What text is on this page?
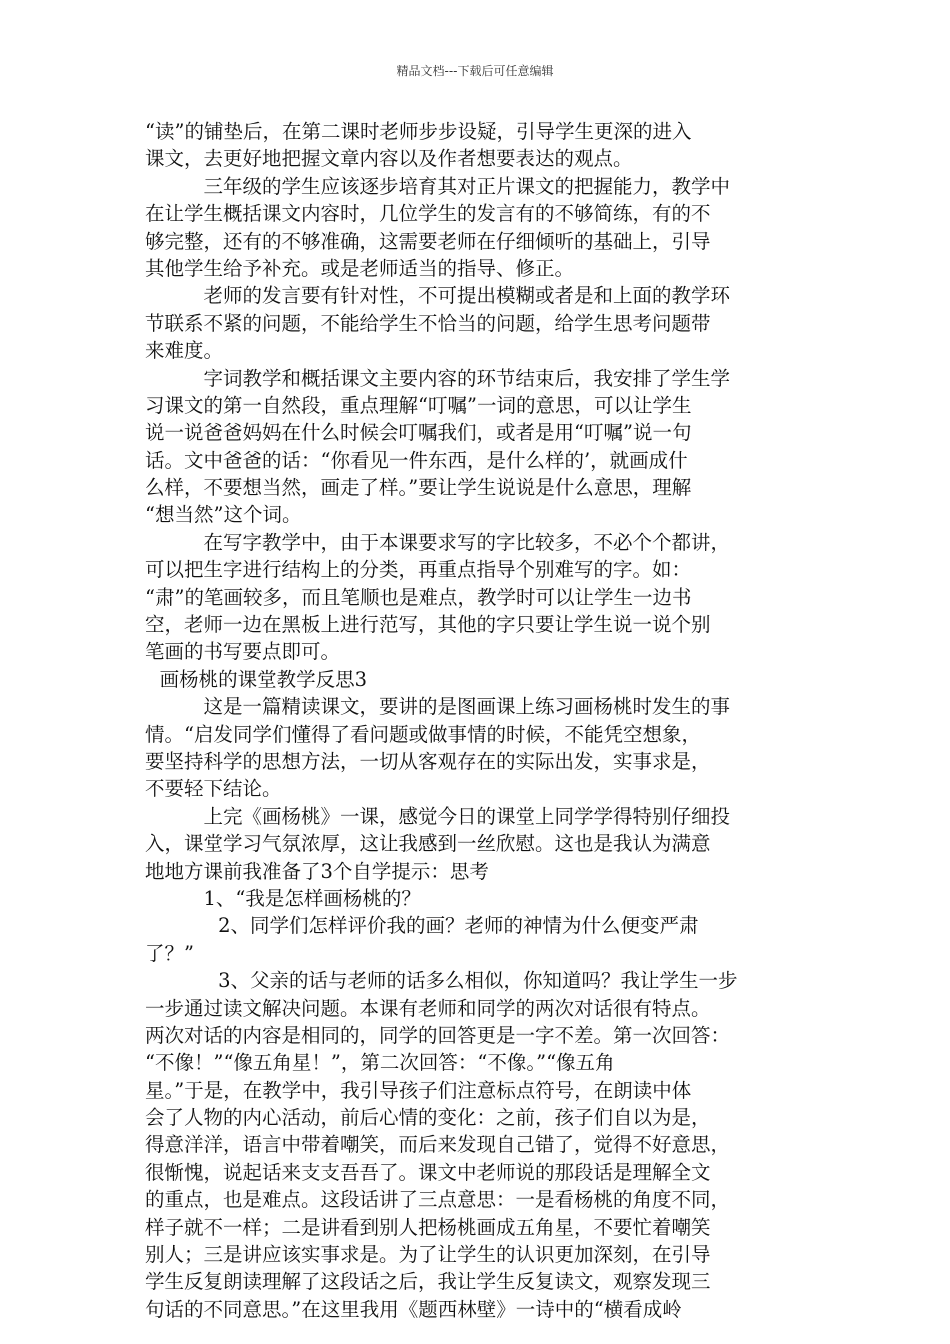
精品文档---下载后可任意编辑
“读”的铺垫后，在第二课时老师步步设疑，引导学生更深的进入
课文，去更好地把握文章内容以及作者想要表达的观点。
三年级的学生应该逐步培育其对正片课文的把握能力，教学中
在让学生概括课文内容时，几位学生的发言有的不够简练，有的不
够完整，还有的不够准确，这需要老师在仔细倾听的基础上，引导
其他学生给予补充。或是老师适当的指导、修正。
老师的发言要有针对性，不可提出模糊或者是和上面的教学环
节联系不紧的问题，不能给学生不恰当的问题，给学生思考问题带
来难度。
字词教学和概括课文主要内容的环节结束后，我安排了学生学
习课文的第一自然段，重点理解“叮嘱”一词的意思，可以让学生
说一说爸爸妈妈在什么时候会叮嘱我们，或者是用“叮嘱”说一句
话。文中爸爸的话：“你看见一件东西，是什么样的’，就画成什
么样，不要想当然，画走了样。”要让学生说说是什么意思，理解
“想当然”这个词。
在写字教学中，由于本课要求写的字比较多，不必个个都讲，
可以把生字进行结构上的分类，再重点指导个别难写的字。如：
“肃”的笔画较多，而且笔顺也是难点，教学时可以让学生一边书
空，老师一边在黑板上进行范写，其他的字只要让学生说一说个别
笔画的书写要点即可。
画杨桃的课堂教学反思3
这是一篇精读课文，要讲的是图画课上练习画杨桃时发生的事
情。“启发同学们懂得了看问题或做事情的时候，不能凭空想象，
要坚持科学的思想方法，一切从客观存在的实际出发，实事求是，
不要轻下结论。
上完《画杨桃》一课，感觉今日的课堂上同学学得特别仔细投
入，课堂学习气氛浓厚，这让我感到一丝欣慰。这也是我认为满意
地地方课前我准备了3个自学提示：思考
1、“我是怎样画杨桃的？
2、同学们怎样评价我的画？老师的神情为什么便变严肃
了？”
3、父亲的话与老师的话多么相似，你知道吗？我让学生一步
一步通过读文解决问题。本课有老师和同学的两次对话很有特点。
两次对话的内容是相同的，同学的回答更是一字不差。第一次回答：
“不像！”“像五角星！”，第二次回答：“不像。”“像五角
星。”于是，在教学中，我引导孩子们注意标点符号，在朗读中体
会了人物的内心活动，前后心情的变化：之前，孩子们自以为是，
得意洋洋，语言中带着嘲笑，而后来发现自己错了，觉得不好意思，
很惭愧，说起话来支支吾吾了。课文中老师说的那段话是理解全文
的重点，也是难点。这段话讲了三点意思：一是看杨桃的角度不同，
样子就不一样；二是讲看到别人把杨桃画成五角星，不要忙着嘲笑
别人；三是讲应该实事求是。为了让学生的认识更加深刻，在引导
学生反复朗读理解了这段话之后，我让学生反复读文，观察发现三
句话的不同意思。”在这里我用《题西林壁》一诗中的“横看成岭
